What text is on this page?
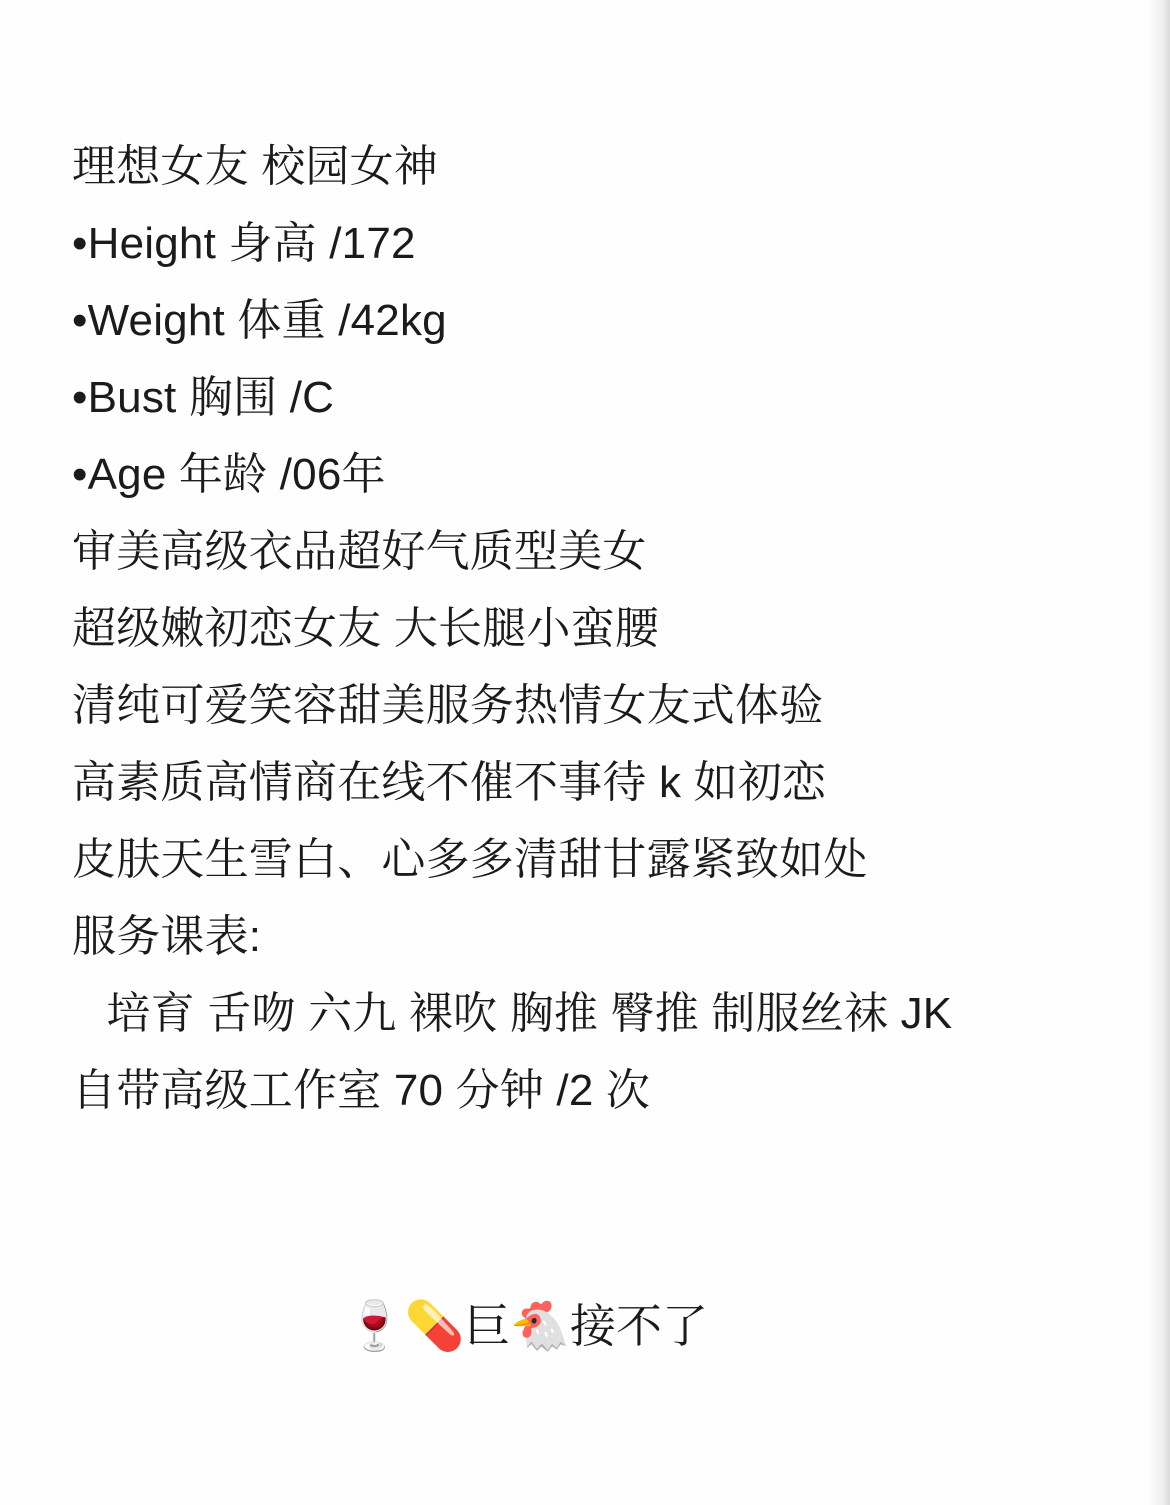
理想女友 校园女神
•Height 身高 /172
•Weight 体重 /42kg
•Bust 胸围 /C
•Age 年龄 /06年
审美高级衣品超好气质型美女
超级嫩初恋女友 大长腿小蛮腰
清纯可爱笑容甜美服务热情女友式体验
高素质高情商在线不催不事待 k 如初恋
皮肤天生雪白、心多多清甜甘露紧致如处
服务课表:
培育 舌吻 六九 裸吹 胸推 臀推 制服丝袜 JK
自带高级工作室 70 分钟 /2 次

🍷💊巨🐔接不了
